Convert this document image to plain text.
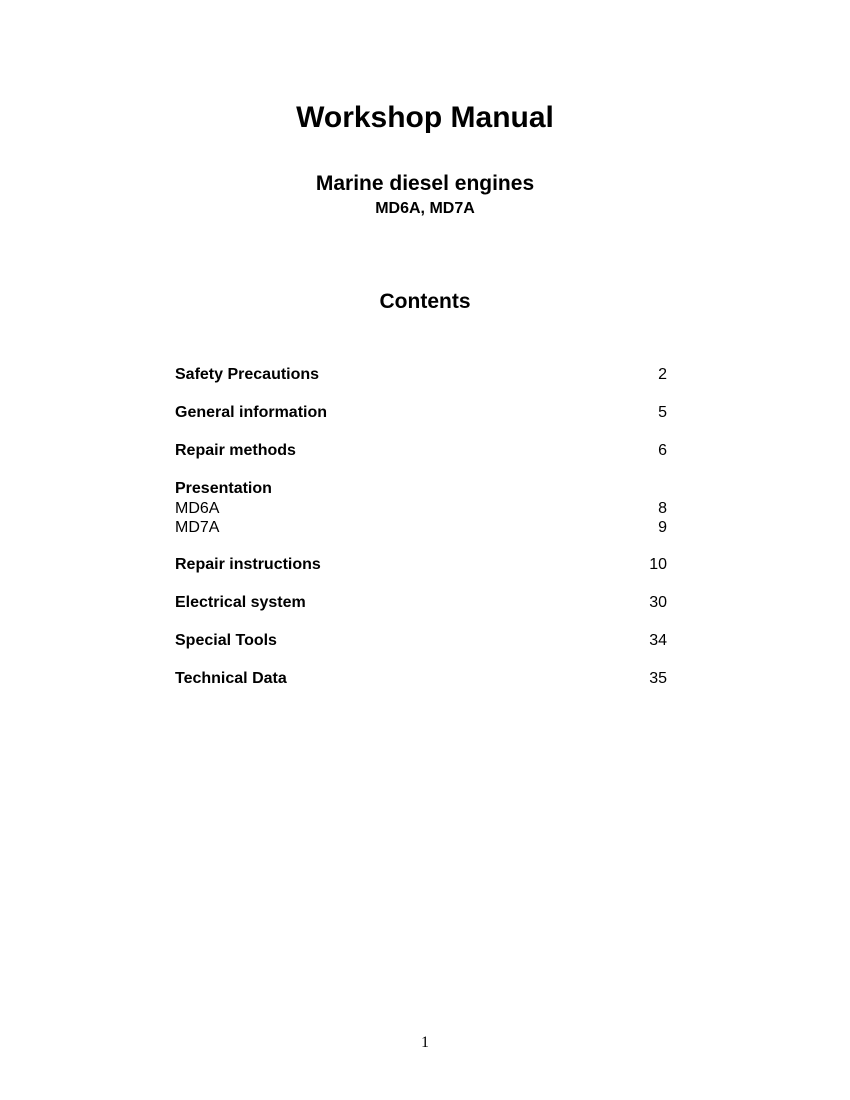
Workshop Manual
Marine diesel engines
MD6A, MD7A
Contents
Safety Precautions	2
General information	5
Repair methods	6
Presentation
MD6A	8
MD7A	9
Repair instructions	10
Electrical system	30
Special Tools	34
Technical Data	35
1
